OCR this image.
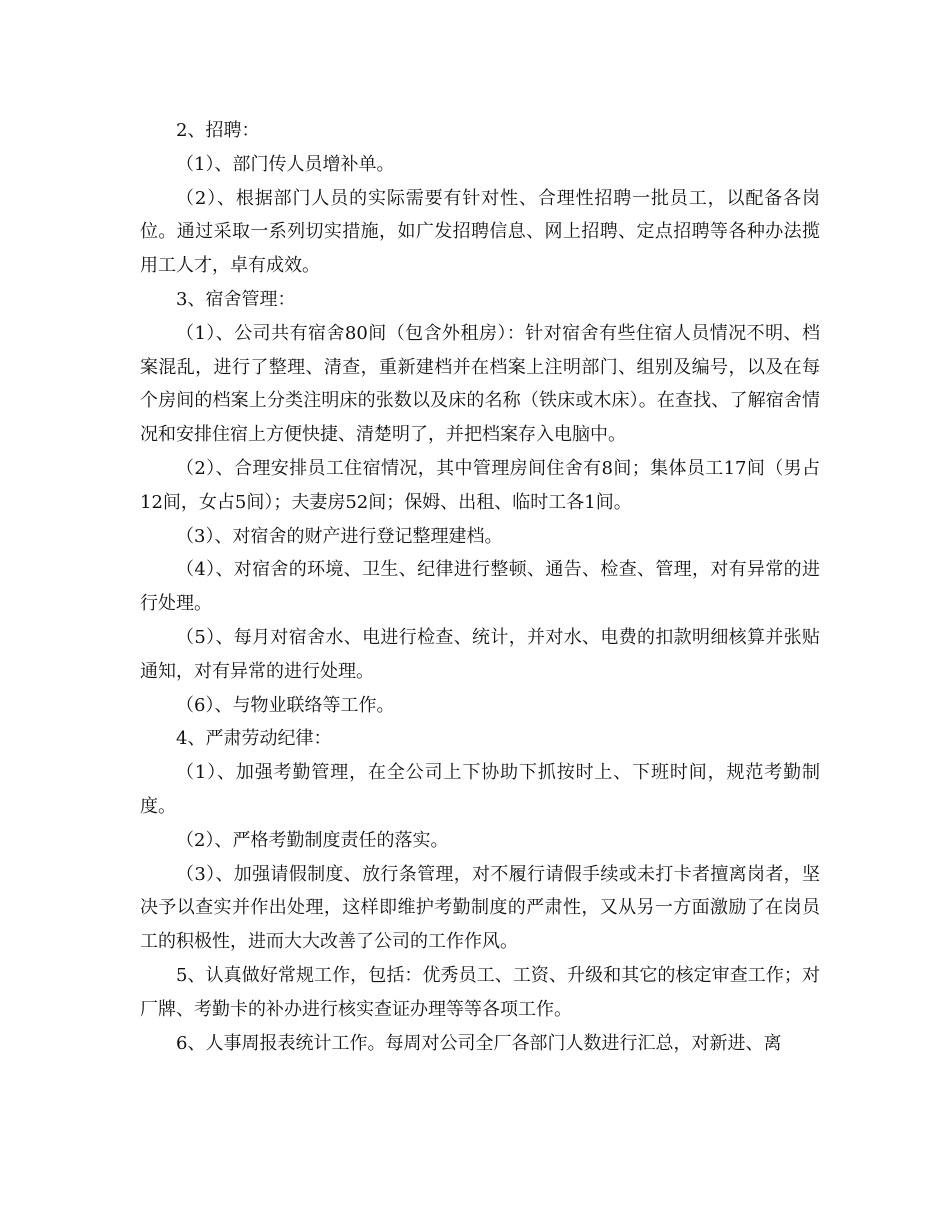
2、招聘：

（1）、部门传人员增补单。

（2）、根据部门人员的实际需要有针对性、合理性招聘一批员工，以配备各岗位。通过采取一系列切实措施，如广发招聘信息、网上招聘、定点招聘等各种办法揽用工人才，卓有成效。

3、宿舍管理：

（1）、公司共有宿舍80间（包含外租房）：针对宿舍有些住宿人员情况不明、档案混乱，进行了整理、清查，重新建档并在档案上注明部门、组别及编号，以及在每个房间的档案上分类注明床的张数以及床的名称（铁床或木床）。在查找、了解宿舍情况和安排住宿上方便快捷、清楚明了，并把档案存入电脑中。

（2）、合理安排员工住宿情况，其中管理房间住舍有8间；集体员工17间（男占12间，女占5间）；夫妻房52间；保姆、出租、临时工各1间。

（3）、对宿舍的财产进行登记整理建档。

（4）、对宿舍的环境、卫生、纪律进行整顿、通告、检查、管理，对有异常的进行处理。

（5）、每月对宿舍水、电进行检查、统计，并对水、电费的扣款明细核算并张贴通知，对有异常的进行处理。

（6）、与物业联络等工作。

4、严肃劳动纪律：

（1）、加强考勤管理，在全公司上下协助下抓按时上、下班时间，规范考勤制度。

（2）、严格考勤制度责任的落实。

（3）、加强请假制度、放行条管理，对不履行请假手续或未打卡者擅离岗者，坚决予以查实并作出处理，这样即维护考勤制度的严肃性，又从另一方面激励了在岗员工的积极性，进而大大改善了公司的工作作风。

5、认真做好常规工作，包括：优秀员工、工资、升级和其它的核定审查工作；对厂牌、考勤卡的补办进行核实查证办理等等各项工作。

6、人事周报表统计工作。每周对公司全厂各部门人数进行汇总，对新进、离
